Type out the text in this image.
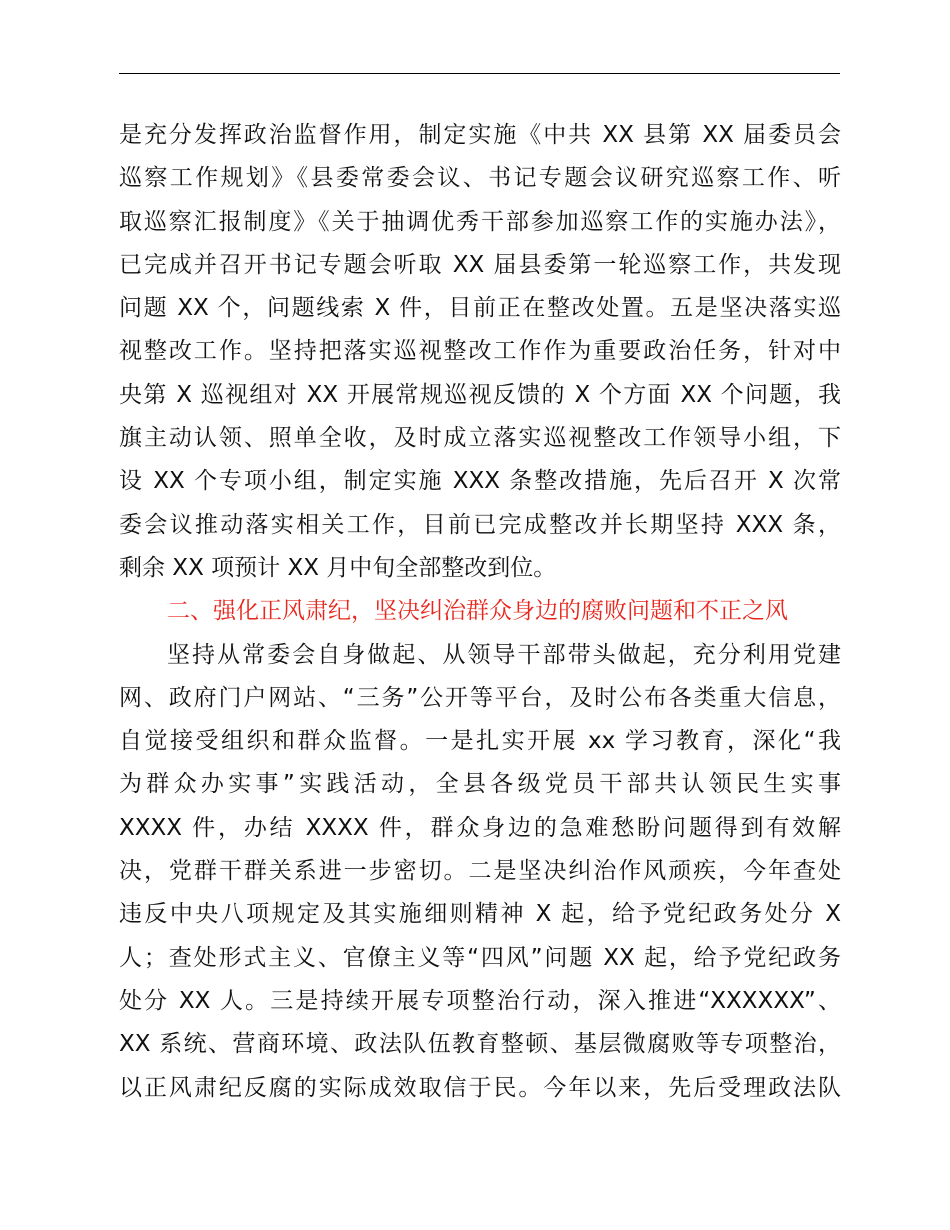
是充分发挥政治监督作用，制定实施《中共 XX 县第 XX 届委员会
巡察工作规划》《县委常委会议、书记专题会议研究巡察工作、听
取巡察汇报制度》《关于抽调优秀干部参加巡察工作的实施办法》，
已完成并召开书记专题会听取 XX 届县委第一轮巡察工作，共发现
问题 XX 个，问题线索 X 件，目前正在整改处置。五是坚决落实巡
视整改工作。坚持把落实巡视整改工作作为重要政治任务，针对中
央第 X 巡视组对 XX 开展常规巡视反馈的 X 个方面 XX 个问题，我
旗主动认领、照单全收，及时成立落实巡视整改工作领导小组，下
设 XX 个专项小组，制定实施 XXX 条整改措施，先后召开 X 次常
委会议推动落实相关工作，目前已完成整改并长期坚持 XXX 条，
剩余 XX 项预计 XX 月中旬全部整改到位。
二、强化正风肃纪，坚决纠治群众身边的腐败问题和不正之风
坚持从常委会自身做起、从领导干部带头做起，充分利用党建
网、政府门户网站、“三务”公开等平台，及时公布各类重大信息，
自觉接受组织和群众监督。一是扎实开展 xx 学习教育，深化“我
为群众办实事”实践活动，全县各级党员干部共认领民生实事
XXXX 件，办结 XXXX 件，群众身边的急难愁盼问题得到有效解
决，党群干群关系进一步密切。二是坚决纠治作风顽疾，今年查处
违反中央八项规定及其实施细则精神 X 起，给予党纪政务处分 X
人；查处形式主义、官僚主义等“四风”问题 XX 起，给予党纪政务
处分 XX 人。三是持续开展专项整治行动，深入推进“XXXXXX”、
XX 系统、营商环境、政法队伍教育整顿、基层微腐败等专项整治，
以正风肃纪反腐的实际成效取信于民。今年以来，先后受理政法队
